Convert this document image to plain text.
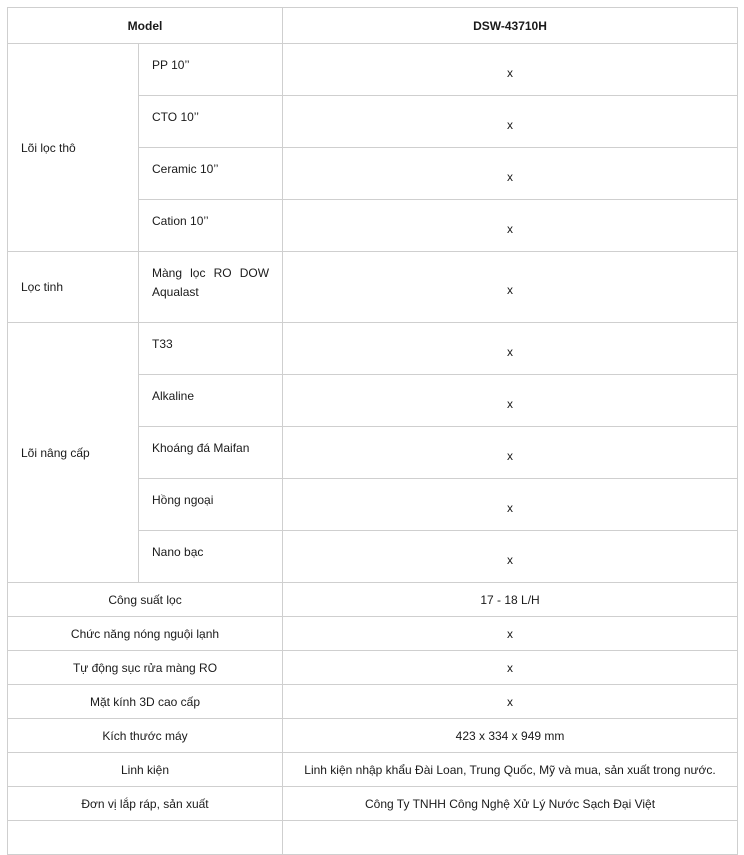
Model		DSW-43710H
Lõi lọc thô	PP 10’’	x
	CTO 10’’	x
	Ceramic 10’’	x
	Cation 10’’	x
Lọc tinh	Màng lọc RO DOW Aqualast	x
Lõi nâng cấp	T33	x
	Alkaline	x
	Khoáng đá Maifan	x
	Hồng ngoại	x
	Nano bạc	x
Công suất lọc		17 - 18 L/H
Chức năng nóng nguội lạnh		x
Tự động sục rửa màng RO		x
Mặt kính 3D cao cấp		x
Kích thước máy		423 x 334 x 949 mm
Linh kiện		Linh kiện nhập khẩu Đài Loan, Trung Quốc, Mỹ và mua, sản xuất trong nước.
Đơn vị lắp ráp, sản xuất		Công Ty TNHH Công Nghệ Xử Lý Nước Sạch Đại Việt
